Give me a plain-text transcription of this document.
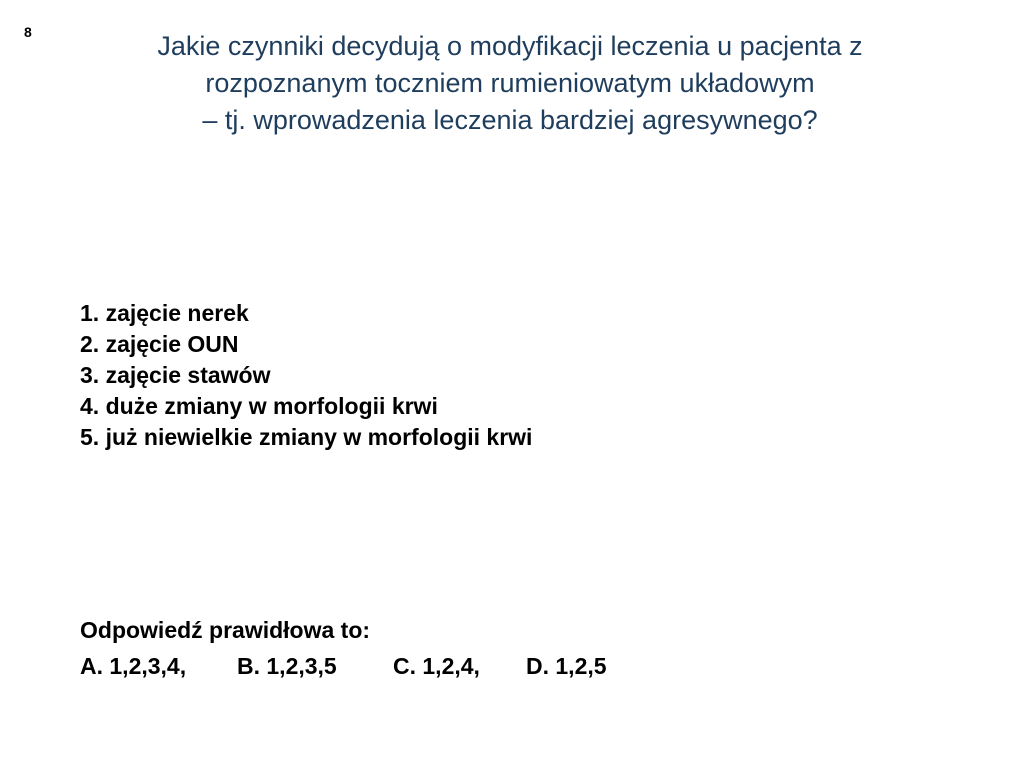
8	Jakie czynniki decydują o modyfikacji leczenia u pacjenta z
rozpoznanym toczniem rumieniowatym układowym
– tj. wprowadzenia leczenia bardziej agresywnego?
1. zajęcie nerek
2. zajęcie OUN
3. zajęcie stawów
4. duże zmiany w morfologii krwi
5. już niewielkie zmiany w morfologii krwi
Odpowiedź prawidłowa to:
A. 1,2,3,4, B. 1,2,3,5 C. 1,2,4, D. 1,2,5
